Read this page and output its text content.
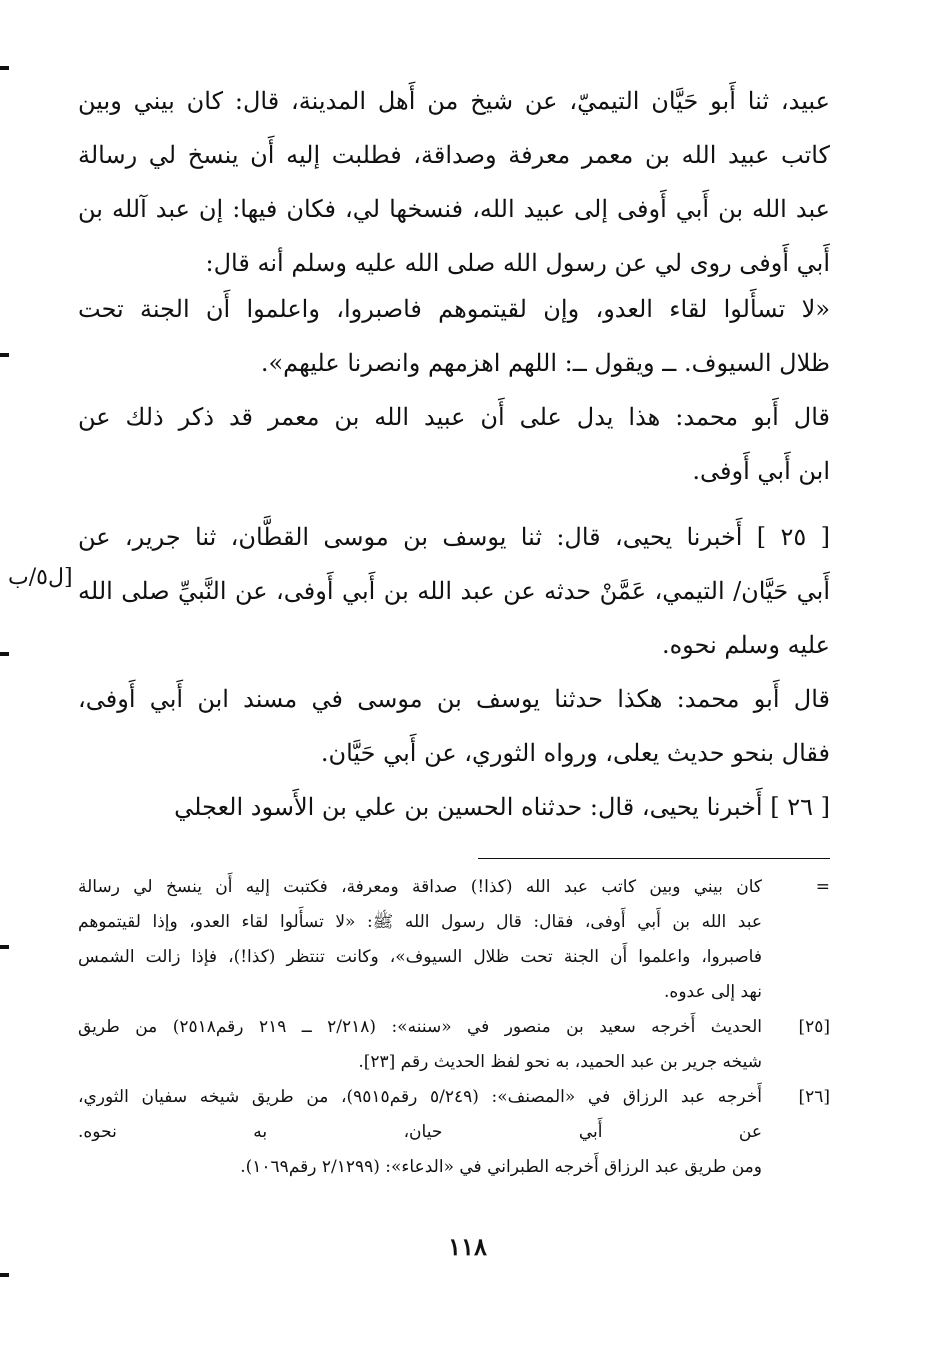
عبيد، ثنا أَبو حَيَّان التيميّ، عن شيخ من أَهل المدينة، قال: كان بيني وبين
كاتب عبيد الله بن معمر معرفة وصداقة، فطلبت إليه أَن ينسخ لي رسالة
عبد الله بن أَبي أَوفى إلى عبيد الله، فنسخها لي، فكان فيها: إن عبد آلله بن
أَبي أَوفى روى لي عن رسول الله صلى الله عليه وسلم أنه قال:
«لا تسأَلوا لقاء العدو، وإن لقيتموهم فاصبروا، واعلموا أَن الجنة تحت
ظلال السيوف. ــ ويقول ــ: اللهم اهزمهم وانصرنا عليهم».
قال أَبو محمد: هذا يدل على أَن عبيد الله بن معمر قد ذكر ذلك عن
ابن أَبي أَوفى.
[ ٢٥ ] أَخبرنا يحيى، قال: ثنا يوسف بن موسى القطَّان، ثنا جرير، عن
أَبي حَيَّان/ التيمي، عَمَّنْ حدثه عن عبد الله بن أَبي أَوفى، عن النَّبيِّ صلى الله
عليه وسلم نحوه.
قال أَبو محمد: هكذا حدثنا يوسف بن موسى في مسند ابن أَبي أَوفى،
فقال بنحو حديث يعلى، ورواه الثوري، عن أَبي حَيَّان.
[ ٢٦ ] أَخبرنا يحيى، قال: حدثناه الحسين بن علي بن الأَسود العجلي
[ل٥/ب
=
كان بيني وبين كاتب عبد الله (كذا!) صداقة ومعرفة، فكتبت إليه أَن ينسخ لي رسالة
عبد الله بن أَبي أَوفى، فقال: قال رسول الله ﷺ: «لا تسأَلوا لقاء العدو، وإذا لقيتموهم
فاصبروا، واعلموا أَن الجنة تحت ظلال السيوف»، وكانت تنتظر (كذا!)، فإذا زالت الشمس
نهد إلى عدوه.
[٢٥]
الحديث أَخرجه سعيد بن منصور في «سننه»: (٢/٢١٨ ــ ٢١٩ رقم٢٥١٨) من طريق
شيخه جرير بن عبد الحميد، به نحو لفظ الحديث رقم [٢٣].
[٢٦]
أَخرجه عبد الرزاق في «المصنف»: (٥/٢٤٩ رقم٩٥١٥)، من طريق شيخه سفيان الثوري،
عن أَبي حيان، به نحوه.
ومن طريق عبد الرزاق أَخرجه الطبراني في «الدعاء»: (٢/١٢٩٩ رقم١٠٦٩).
١١٨
